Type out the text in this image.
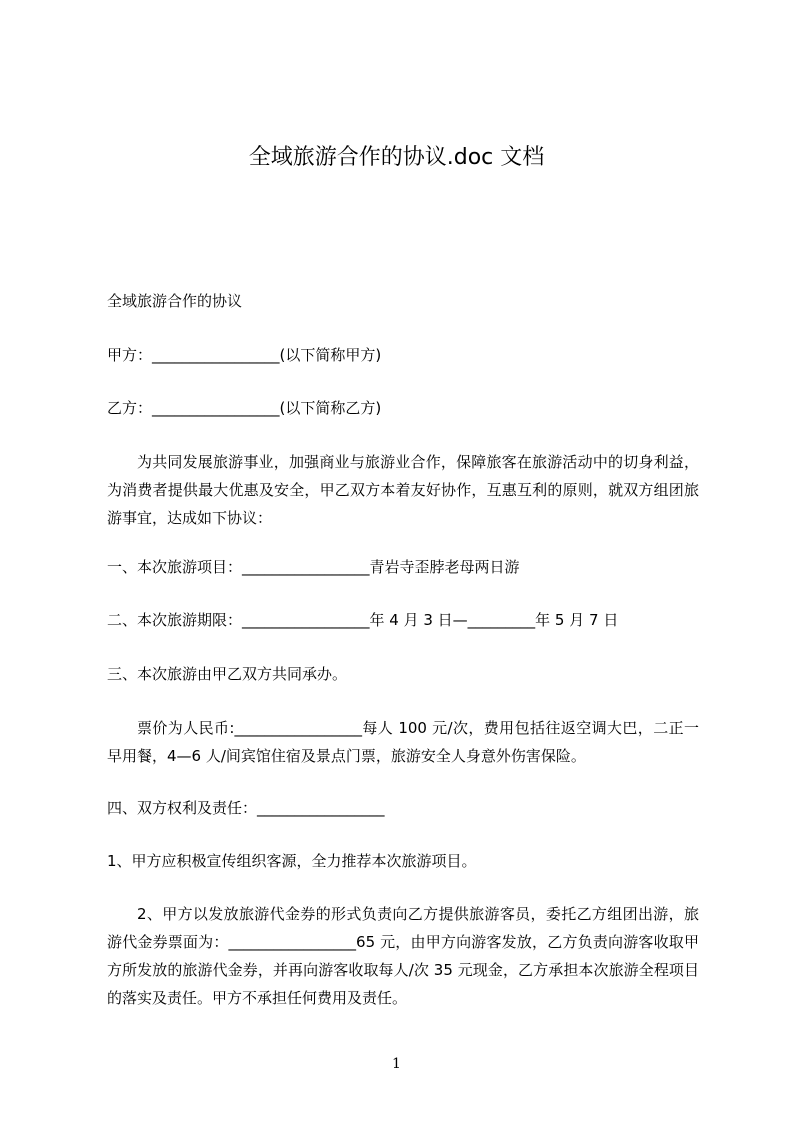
全域旅游合作的协议.doc 文档
全域旅游合作的协议
甲方：_________________(以下简称甲方)
乙方：_________________(以下简称乙方)
为共同发展旅游事业，加强商业与旅游业合作，保障旅客在旅游活动中的切身利益，为消费者提供最大优惠及安全，甲乙双方本着友好协作，互惠互利的原则，就双方组团旅游事宜，达成如下协议：
一、本次旅游项目：_________________青岩寺歪脖老母两日游
二、本次旅游期限：_________________年 4 月 3 日—_________年 5 月 7 日
三、本次旅游由甲乙双方共同承办。
票价为人民币:_________________每人 100 元/次，费用包括往返空调大巴，二正一早用餐，4—6 人/间宾馆住宿及景点门票，旅游安全人身意外伤害保险。
四、双方权利及责任：_________________
1、甲方应积极宣传组织客源，全力推荐本次旅游项目。
2、甲方以发放旅游代金券的形式负责向乙方提供旅游客员，委托乙方组团出游，旅游代金券票面为：_________________65 元，由甲方向游客发放，乙方负责向游客收取甲方所发放的旅游代金券，并再向游客收取每人/次 35 元现金，乙方承担本次旅游全程项目的落实及责任。甲方不承担任何费用及责任。
1
